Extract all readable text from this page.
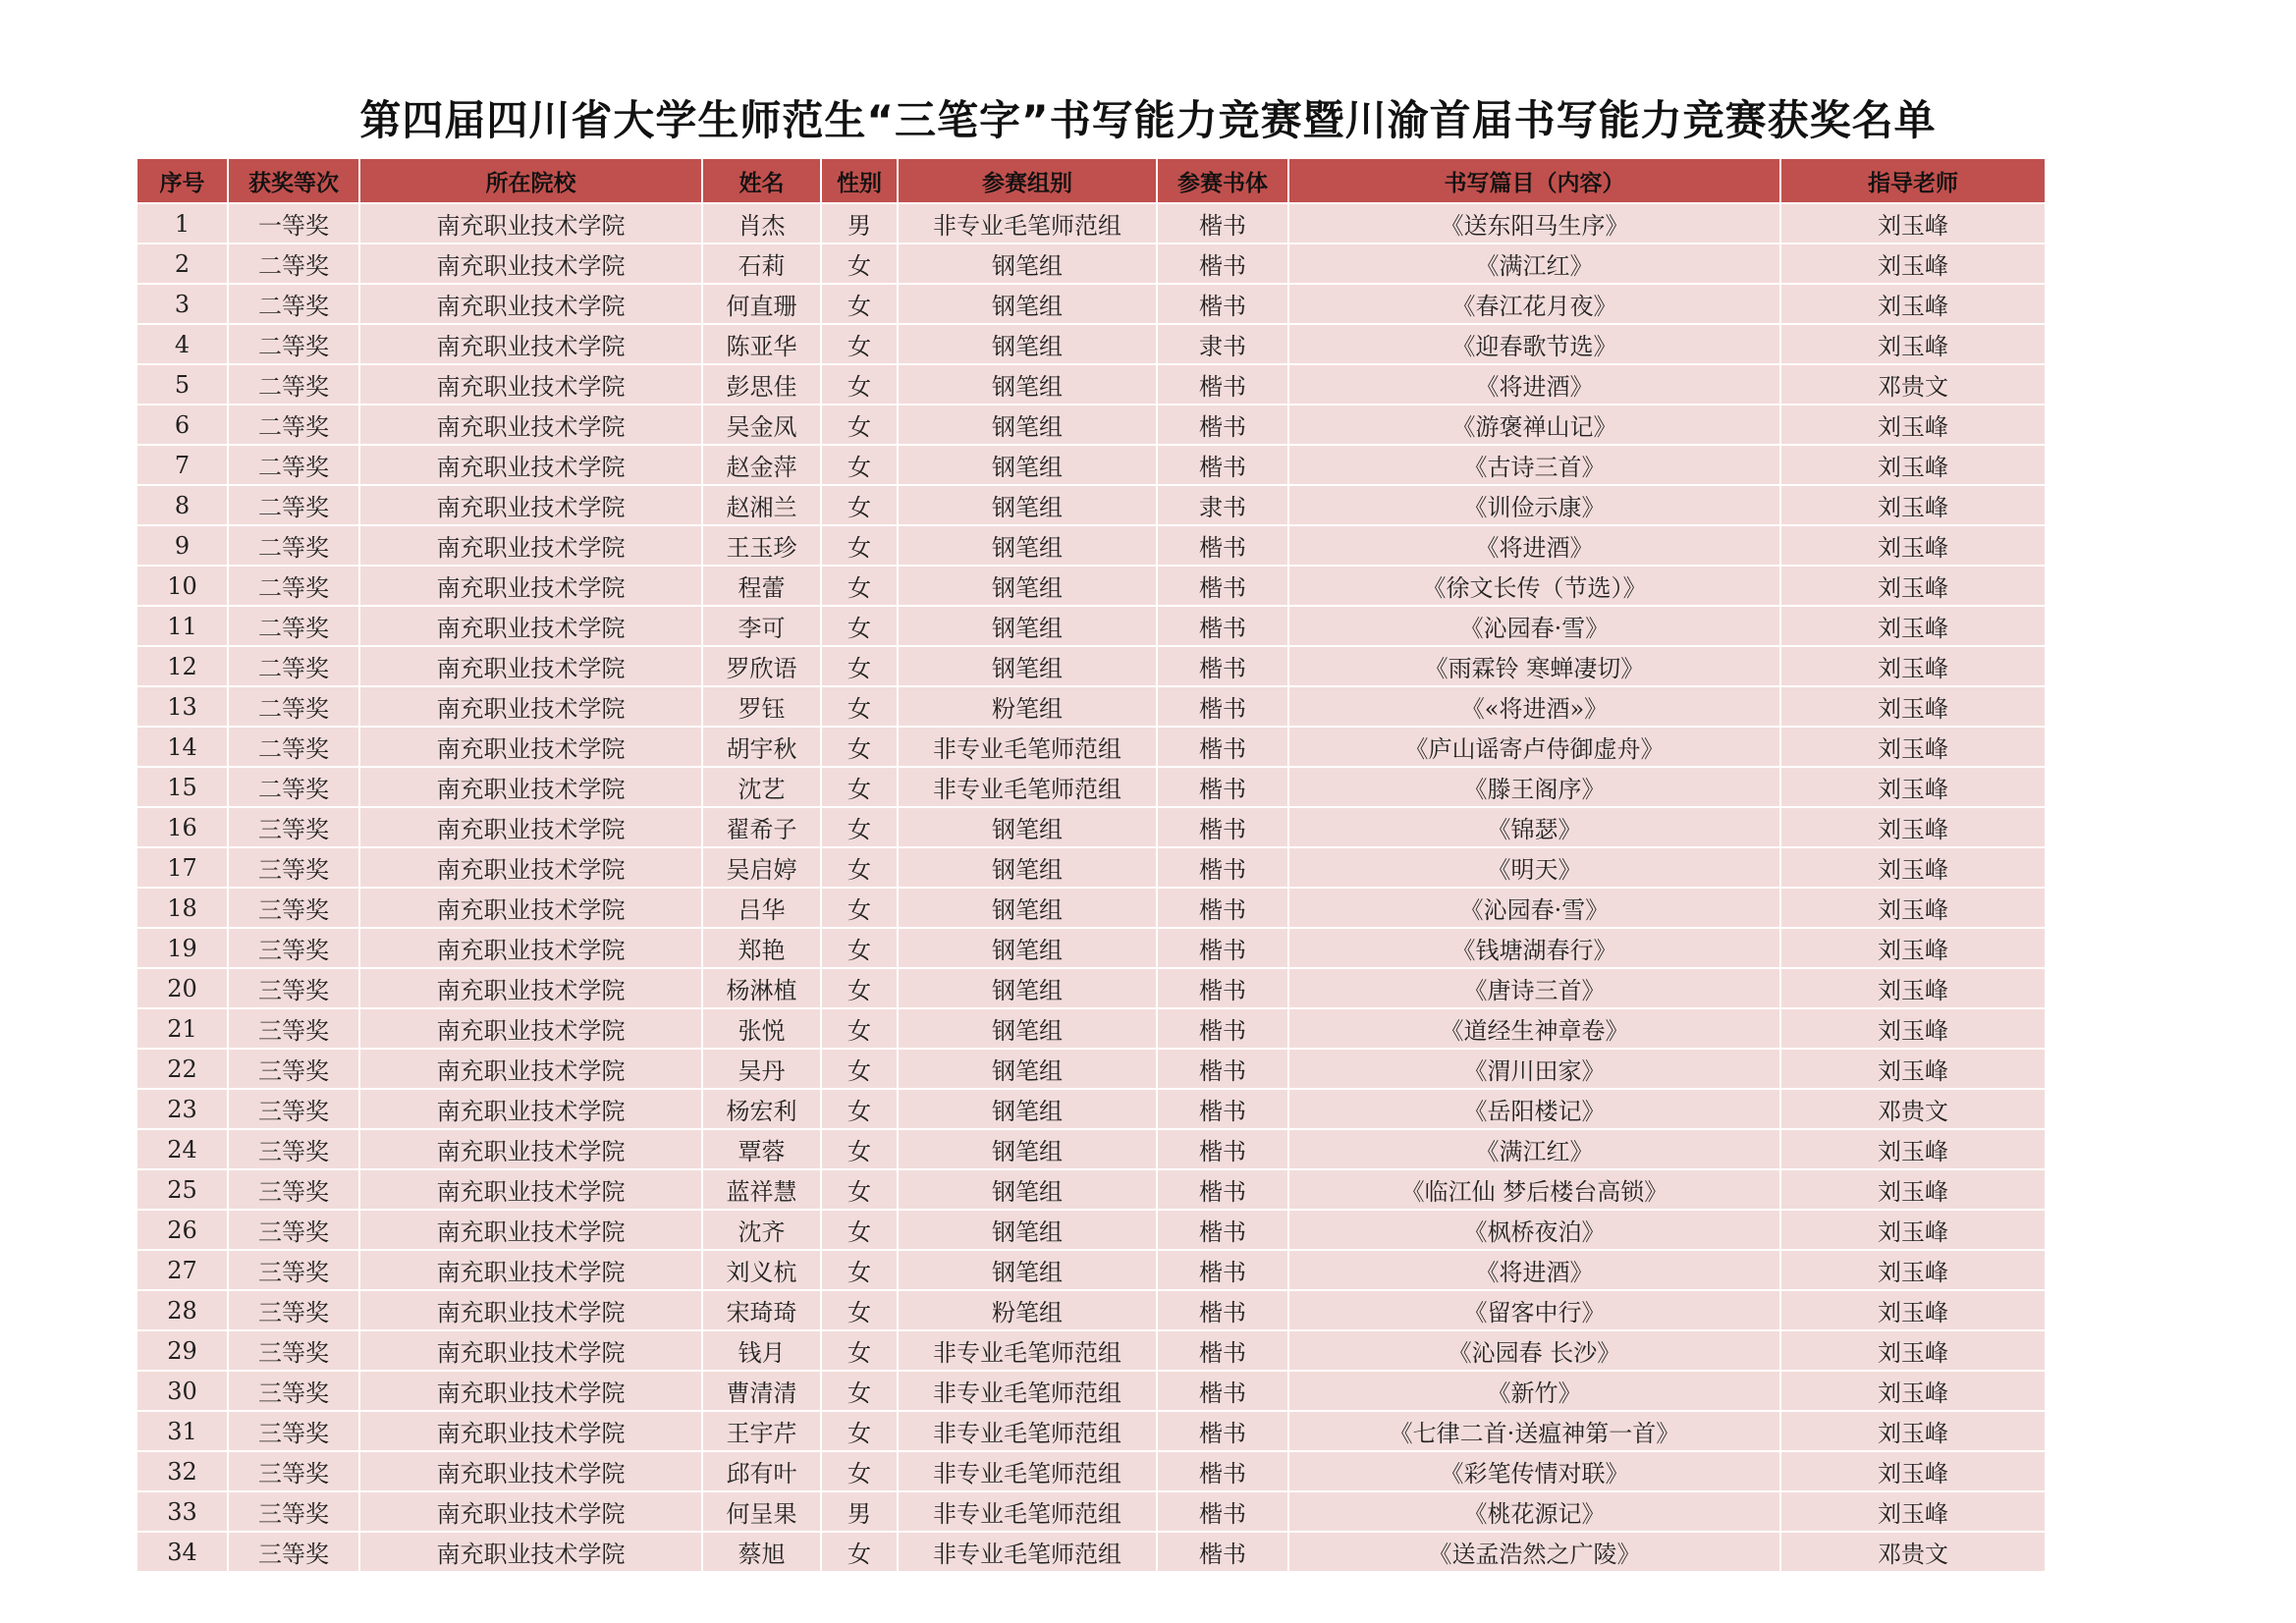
第四届四川省大学生师范生“三笔字”书写能力竞赛暨川渝首届书写能力竞赛获奖名单
序号	获奖等次	所在院校	姓名	性别	参赛组别	参赛书体	书写篇目（内容）	指导老师
1	一等奖	南充职业技术学院	肖杰	男	非专业毛笔师范组	楷书	《送东阳马生序》	刘玉峰
2	二等奖	南充职业技术学院	石莉	女	钢笔组	楷书	《满江红》	刘玉峰
3	二等奖	南充职业技术学院	何直珊	女	钢笔组	楷书	《春江花月夜》	刘玉峰
4	二等奖	南充职业技术学院	陈亚华	女	钢笔组	隶书	《迎春歌节选》	刘玉峰
5	二等奖	南充职业技术学院	彭思佳	女	钢笔组	楷书	《将进酒》	邓贵文
6	二等奖	南充职业技术学院	吴金凤	女	钢笔组	楷书	《游褒禅山记》	刘玉峰
7	二等奖	南充职业技术学院	赵金萍	女	钢笔组	楷书	《古诗三首》	刘玉峰
8	二等奖	南充职业技术学院	赵湘兰	女	钢笔组	隶书	《训俭示康》	刘玉峰
9	二等奖	南充职业技术学院	王玉珍	女	钢笔组	楷书	《将进酒》	刘玉峰
10	二等奖	南充职业技术学院	程蕾	女	钢笔组	楷书	《徐文长传（节选）》	刘玉峰
11	二等奖	南充职业技术学院	李可	女	钢笔组	楷书	《沁园春·雪》	刘玉峰
12	二等奖	南充职业技术学院	罗欣语	女	钢笔组	楷书	《雨霖铃 寒蝉凄切》	刘玉峰
13	二等奖	南充职业技术学院	罗钰	女	粉笔组	楷书	《«将进酒»》	刘玉峰
14	二等奖	南充职业技术学院	胡宇秋	女	非专业毛笔师范组	楷书	《庐山谣寄卢侍御虚舟》	刘玉峰
15	二等奖	南充职业技术学院	沈艺	女	非专业毛笔师范组	楷书	《滕王阁序》	刘玉峰
16	三等奖	南充职业技术学院	翟希子	女	钢笔组	楷书	《锦瑟》	刘玉峰
17	三等奖	南充职业技术学院	吴启婷	女	钢笔组	楷书	《明天》	刘玉峰
18	三等奖	南充职业技术学院	吕华	女	钢笔组	楷书	《沁园春·雪》	刘玉峰
19	三等奖	南充职业技术学院	郑艳	女	钢笔组	楷书	《钱塘湖春行》	刘玉峰
20	三等奖	南充职业技术学院	杨淋植	女	钢笔组	楷书	《唐诗三首》	刘玉峰
21	三等奖	南充职业技术学院	张悦	女	钢笔组	楷书	《道经生神章卷》	刘玉峰
22	三等奖	南充职业技术学院	吴丹	女	钢笔组	楷书	《渭川田家》	刘玉峰
23	三等奖	南充职业技术学院	杨宏利	女	钢笔组	楷书	《岳阳楼记》	邓贵文
24	三等奖	南充职业技术学院	覃蓉	女	钢笔组	楷书	《满江红》	刘玉峰
25	三等奖	南充职业技术学院	蓝祥慧	女	钢笔组	楷书	《临江仙 梦后楼台高锁》	刘玉峰
26	三等奖	南充职业技术学院	沈齐	女	钢笔组	楷书	《枫桥夜泊》	刘玉峰
27	三等奖	南充职业技术学院	刘义杭	女	钢笔组	楷书	《将进酒》	刘玉峰
28	三等奖	南充职业技术学院	宋琦琦	女	粉笔组	楷书	《留客中行》	刘玉峰
29	三等奖	南充职业技术学院	钱月	女	非专业毛笔师范组	楷书	《沁园春 长沙》	刘玉峰
30	三等奖	南充职业技术学院	曹清清	女	非专业毛笔师范组	楷书	《新竹》	刘玉峰
31	三等奖	南充职业技术学院	王宇芹	女	非专业毛笔师范组	楷书	《七律二首·送瘟神第一首》	刘玉峰
32	三等奖	南充职业技术学院	邱有叶	女	非专业毛笔师范组	楷书	《彩笔传情对联》	刘玉峰
33	三等奖	南充职业技术学院	何呈果	男	非专业毛笔师范组	楷书	《桃花源记》	刘玉峰
34	三等奖	南充职业技术学院	蔡旭	女	非专业毛笔师范组	楷书	《送孟浩然之广陵》	邓贵文
